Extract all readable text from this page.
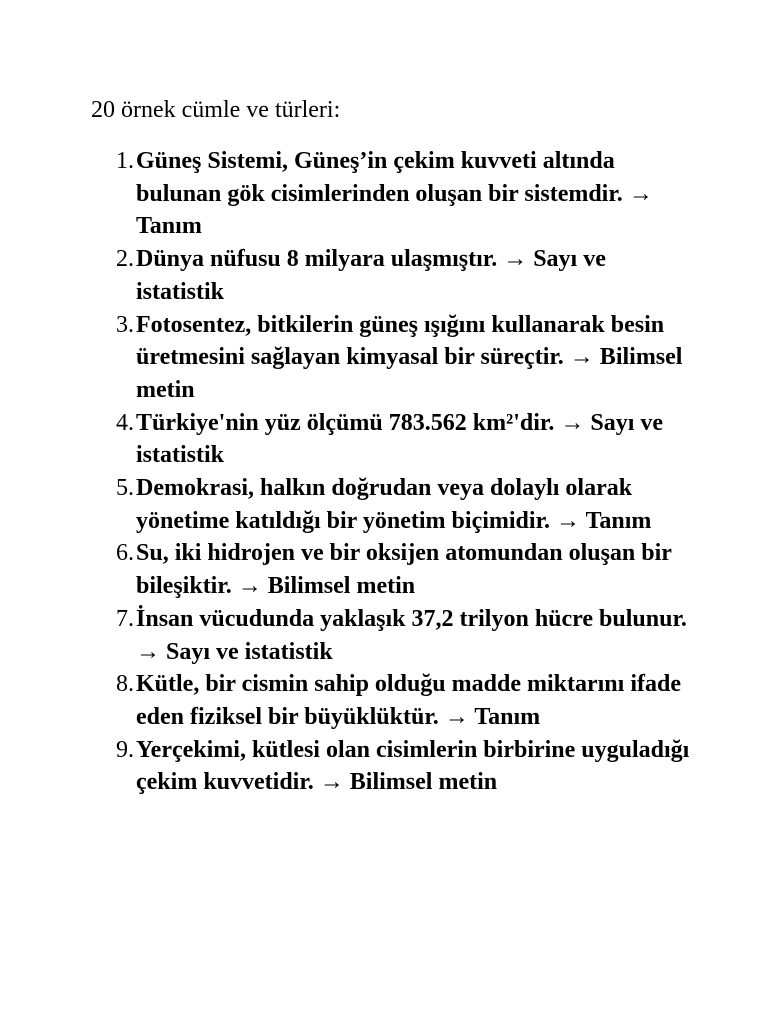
20 örnek cümle ve türleri:
1. Güneş Sistemi, Güneş’in çekim kuvveti altında bulunan gök cisimlerinden oluşan bir sistemdir. → Tanım
2. Dünya nüfusu 8 milyara ulaşmıştır. → Sayı ve istatistik
3. Fotosentez, bitkilerin güneş ışığını kullanarak besin üretmesini sağlayan kimyasal bir süreçtir. → Bilimsel metin
4. Türkiye'nin yüz ölçümü 783.562 km²'dir. → Sayı ve istatistik
5. Demokrasi, halkın doğrudan veya dolaylı olarak yönetime katıldığı bir yönetim biçimidir. → Tanım
6. Su, iki hidrojen ve bir oksijen atomundan oluşan bir bileşiktir. → Bilimsel metin
7. İnsan vücudunda yaklaşık 37,2 trilyon hücre bulunur. → Sayı ve istatistik
8. Kütle, bir cismin sahip olduğu madde miktarını ifade eden fiziksel bir büyüklüktür. → Tanım
9. Yerçekimi, kütlesi olan cisimlerin birbirine uyguladığı çekim kuvvetidir. → Bilimsel metin
